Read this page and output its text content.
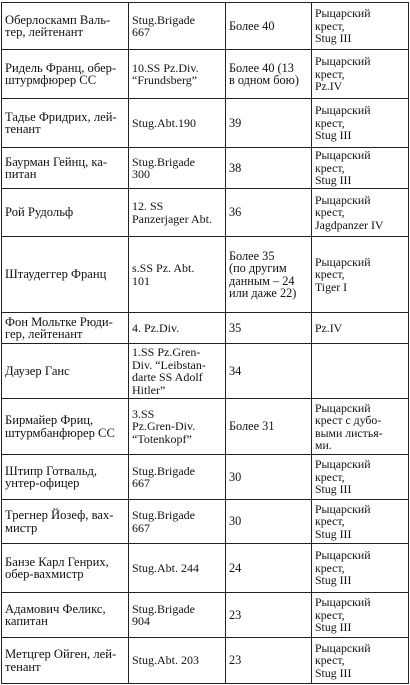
Оберлоскамп Валь-
тер, лейтенант	Stug.Brigade
667	Более 40	Рыцарский
крест,
Stug III
Ридель Франц, обер-
штурмфюрер СС	10.SS Pz.Div.
“Frundsberg”	Более 40 (13
в одном бою)	Рыцарский
крест,
Pz.IV
Тадье Фридрих, лей-
тенант	Stug.Abt.190	39	Рыцарский
крест,
Stug III
Баурман Гейнц, ка-
питан	Stug.Brigade
300	38	Рыцарский
крест,
Stug III
Рой Рудольф	12. SS
Panzerjager Abt.	36	Рыцарский
крест,
Jagdpanzer IV
Штаудеггер Франц	s.SS Pz. Abt.
101	Более 35
(по другим
данным – 24
или даже 22)	Рыцарский
крест,
Tiger I
Фон Мольтке Рюди-
гер, лейтенант	4. Pz.Div.	35	Pz.IV
Даузер Ганс	1.SS Pz.Gren-
Div. “Leibstan-
darte SS Adolf
Hitler”	34	
Бирмайер Фриц,
штурмбанфюрер СС	3.SS
Pz.Gren-Div.
“Totenkopf”	Более 31	Рыцарский
крест с дубо-
выми листья-
ми.
Штипр Готвальд,
унтер-офицер	Stug.Brigade
667	30	Рыцарский
крест,
Stug III
Трегнер Йозеф, вах-
мистр	Stug.Brigade
667	30	Рыцарский
крест,
Stug III
Банзе Карл Генрих,
обер-вахмистр	Stug.Abt. 244	24	Рыцарский
крест,
Stug III
Адамович Феликс,
капитан	Stug.Brigade
904	23	Рыцарский
крест,
Stug III
Метцгер Ойген, лей-
тенант	Stug.Abt. 203	23	Рыцарский
крест,
Stug III
